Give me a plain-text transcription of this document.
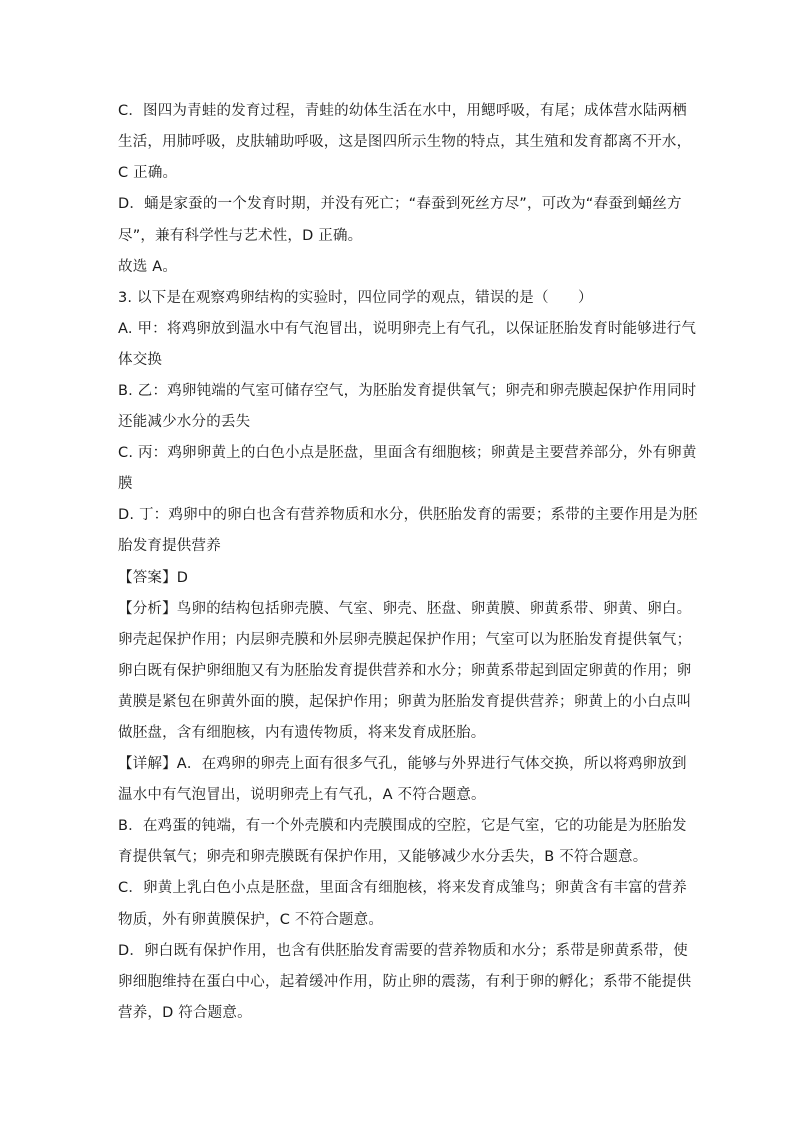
C．图四为青蛙的发育过程，青蛙的幼体生活在水中，用鳃呼吸，有尾；成体营水陆两栖
生活，用肺呼吸，皮肤辅助呼吸，这是图四所示生物的特点，其生殖和发育都离不开水，
C 正确。
D．蛹是家蚕的一个发育时期，并没有死亡；“春蚕到死丝方尽”，可改为“春蚕到蛹丝方
尽”，兼有科学性与艺术性，D 正确。
故选 A。
3. 以下是在观察鸡卵结构的实验时，四位同学的观点，错误的是（　　）
A. 甲：将鸡卵放到温水中有气泡冒出，说明卵壳上有气孔，以保证胚胎发育时能够进行气
体交换
B. 乙：鸡卵钝端的气室可储存空气，为胚胎发育提供氧气；卵壳和卵壳膜起保护作用同时
还能减少水分的丢失
C. 丙：鸡卵卵黄上的白色小点是胚盘，里面含有细胞核；卵黄是主要营养部分，外有卵黄
膜
D. 丁：鸡卵中的卵白也含有营养物质和水分，供胚胎发育的需要；系带的主要作用是为胚
胎发育提供营养
【答案】D
【分析】鸟卵的结构包括卵壳膜、气室、卵壳、胚盘、卵黄膜、卵黄系带、卵黄、卵白。
卵壳起保护作用；内层卵壳膜和外层卵壳膜起保护作用；气室可以为胚胎发育提供氧气；
卵白既有保护卵细胞又有为胚胎发育提供营养和水分；卵黄系带起到固定卵黄的作用；卵
黄膜是紧包在卵黄外面的膜，起保护作用；卵黄为胚胎发育提供营养；卵黄上的小白点叫
做胚盘，含有细胞核，内有遗传物质，将来发育成胚胎。
【详解】A．在鸡卵的卵壳上面有很多气孔，能够与外界进行气体交换，所以将鸡卵放到
温水中有气泡冒出，说明卵壳上有气孔，A 不符合题意。
B．在鸡蛋的钝端，有一个外壳膜和内壳膜围成的空腔，它是气室，它的功能是为胚胎发
育提供氧气；卵壳和卵壳膜既有保护作用，又能够减少水分丢失，B 不符合题意。
C．卵黄上乳白色小点是胚盘，里面含有细胞核，将来发育成雏鸟；卵黄含有丰富的营养
物质，外有卵黄膜保护，C 不符合题意。
D．卵白既有保护作用，也含有供胚胎发育需要的营养物质和水分；系带是卵黄系带，使
卵细胞维持在蛋白中心，起着缓冲作用，防止卵的震荡，有利于卵的孵化；系带不能提供
营养，D 符合题意。
